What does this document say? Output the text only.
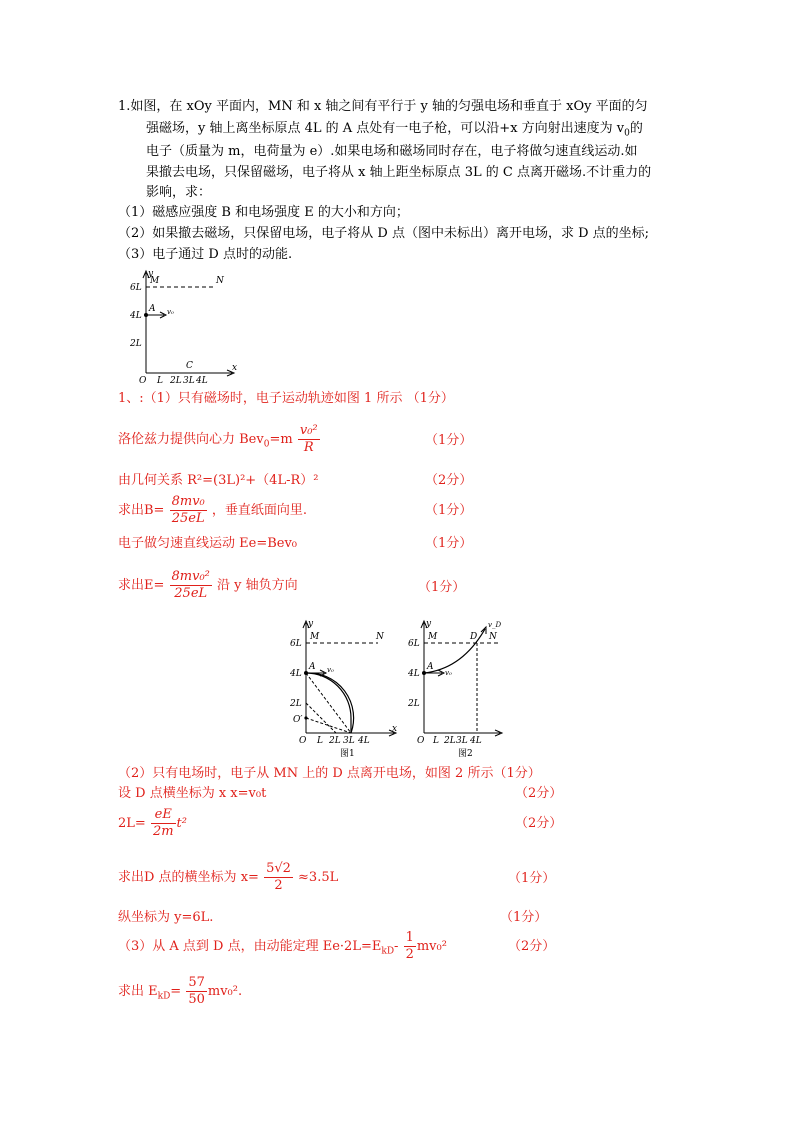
1.如图，在 xOy 平面内，MN 和 x 轴之间有平行于 y 轴的匀强电场和垂直于 xOy 平面的匀
强磁场，y 轴上离坐标原点 4L 的 A 点处有一电子枪，可以沿+x 方向射出速度为 $v_0$的
电子（质量为 m，电荷量为 e）.如果电场和磁场同时存在，电子将做匀速直线运动.如
果撤去电场，只保留磁场，电子将从 x 轴上距坐标原点 3L 的 C 点离开磁场.不计重力的
影响，求：
（1）磁感应强度 B 和电场强度 E 的大小和方向；
（2）如果撤去磁场，只保留电场，电子将从 D 点（图中未标出）离开电场，求 D 点的坐标;
（3）电子通过 D 点时的动能.
y
x
6L
4L
2L
M	N
A v₀
C
O L 2L 3L 4L
1、:（1）只有磁场时，电子运动轨迹如图 1 所示 （1分）
洛伦兹力提供向心力 $Bev_0=m \frac{\text{v₀²}}{R}$	（1分）
由几何关系 R²=(3L)²+（4L-R）²	（2分）
求出$B= \frac{\text{8mv₀}}{25eL}$ ，垂直纸面向里.	（1分）
电子做匀速直线运动 Ee=Bev₀	（1分）
求出$E= \frac{\text{8mv₀²}}{25eL}$ 沿 y 轴负方向	（1分）
y
x
6L
4L
2L
M	N
A v₀
O′
O L 2L 3L 4L
图1
y
6L
4L
2L
M	N
D
v_D
A
v₀
O L 2L 3L 4L
图2
（2）只有电场时，电子从 MN 上的 D 点离开电场，如图 2 所示（1分）
设 D 点横坐标为 x x=v₀t	（2分）
$2L= \frac{eE}{2m} t^2$	（2分）
求出D 点的横坐标为 $x= \frac{5√2}{2} \approx 3.5L$	（1分）
纵坐标为 y=6L.	（1分）
（3）从 A 点到 D 点，由动能定理 $Ee\cdot 2L=E_{kD}- \frac{1}{2} mv_0^2$	（2分）
求出 $E_{kD}= \frac{57}{50} mv_0^2$.
